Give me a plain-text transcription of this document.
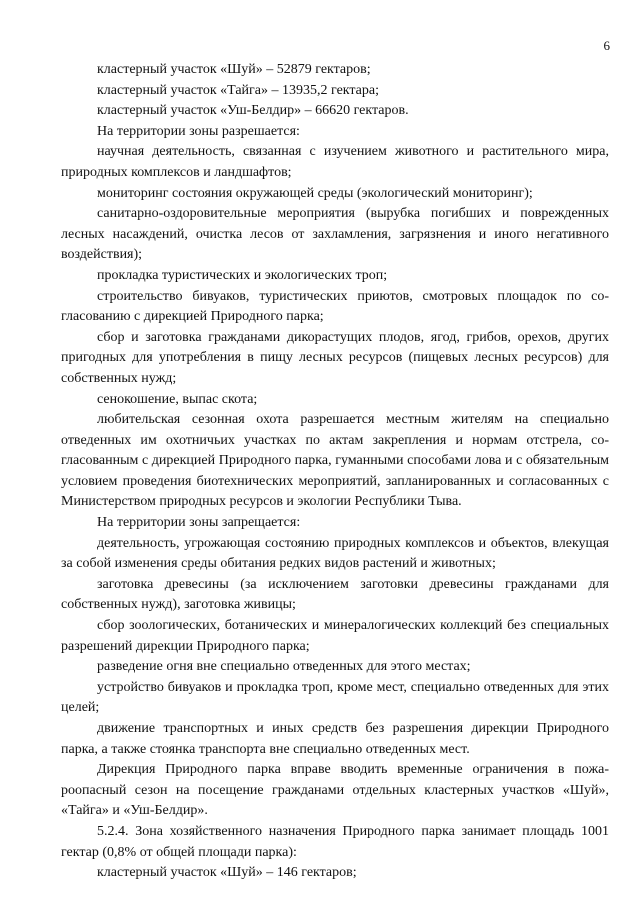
6

кластерный участок «Шуй» – 52879 гектаров;

кластерный участок «Тайга» – 13935,2 гектара;

кластерный участок «Уш-Белдир» – 66620 гектаров.

На территории зоны разрешается:

научная деятельность, связанная с изучением животного и растительного мира, природных комплексов и ландшафтов;

мониторинг состояния окружающей среды (экологический мониторинг);

санитарно-оздоровительные мероприятия (вырубка погибших и поврежденных лесных насаждений, очистка лесов от захламления, загрязнения и иного негативного воздействия);

прокладка туристических и экологических троп;

строительство бивуаков, туристических приютов, смотровых площадок по согласованию с дирекцией Природного парка;

сбор и заготовка гражданами дикорастущих плодов, ягод, грибов, орехов, других пригодных для употребления в пищу лесных ресурсов (пищевых лесных ресурсов) для собственных нужд;

сенокошение, выпас скота;

любительская сезонная охота разрешается местным жителям на специально отведенных им охотничьих участках по актам закрепления и нормам отстрела, согласованным с дирекцией Природного парка, гуманными способами лова и с обязательным условием проведения биотехнических мероприятий, запланированных и согласованных с Министерством природных ресурсов и экологии Республики Тыва.

На территории зоны запрещается:

деятельность, угрожающая состоянию природных комплексов и объектов, влекущая за собой изменения среды обитания редких видов растений и животных;

заготовка древесины (за исключением заготовки древесины гражданами для собственных нужд), заготовка живицы;

сбор зоологических, ботанических и минералогических коллекций без специальных разрешений дирекции Природного парка;

разведение огня вне специально отведенных для этого местах;

устройство бивуаков и прокладка троп, кроме мест, специально отведенных для этих целей;

движение транспортных и иных средств без разрешения дирекции Природного парка, а также стоянка транспорта вне специально отведенных мест.

Дирекция Природного парка вправе вводить временные ограничения в пожароопасный сезон на посещение гражданами отдельных кластерных участков «Шуй», «Тайга» и «Уш-Белдир».

5.2.4. Зона хозяйственного назначения Природного парка занимает площадь 1001 гектар (0,8% от общей площади парка):

кластерный участок «Шуй» – 146 гектаров;
